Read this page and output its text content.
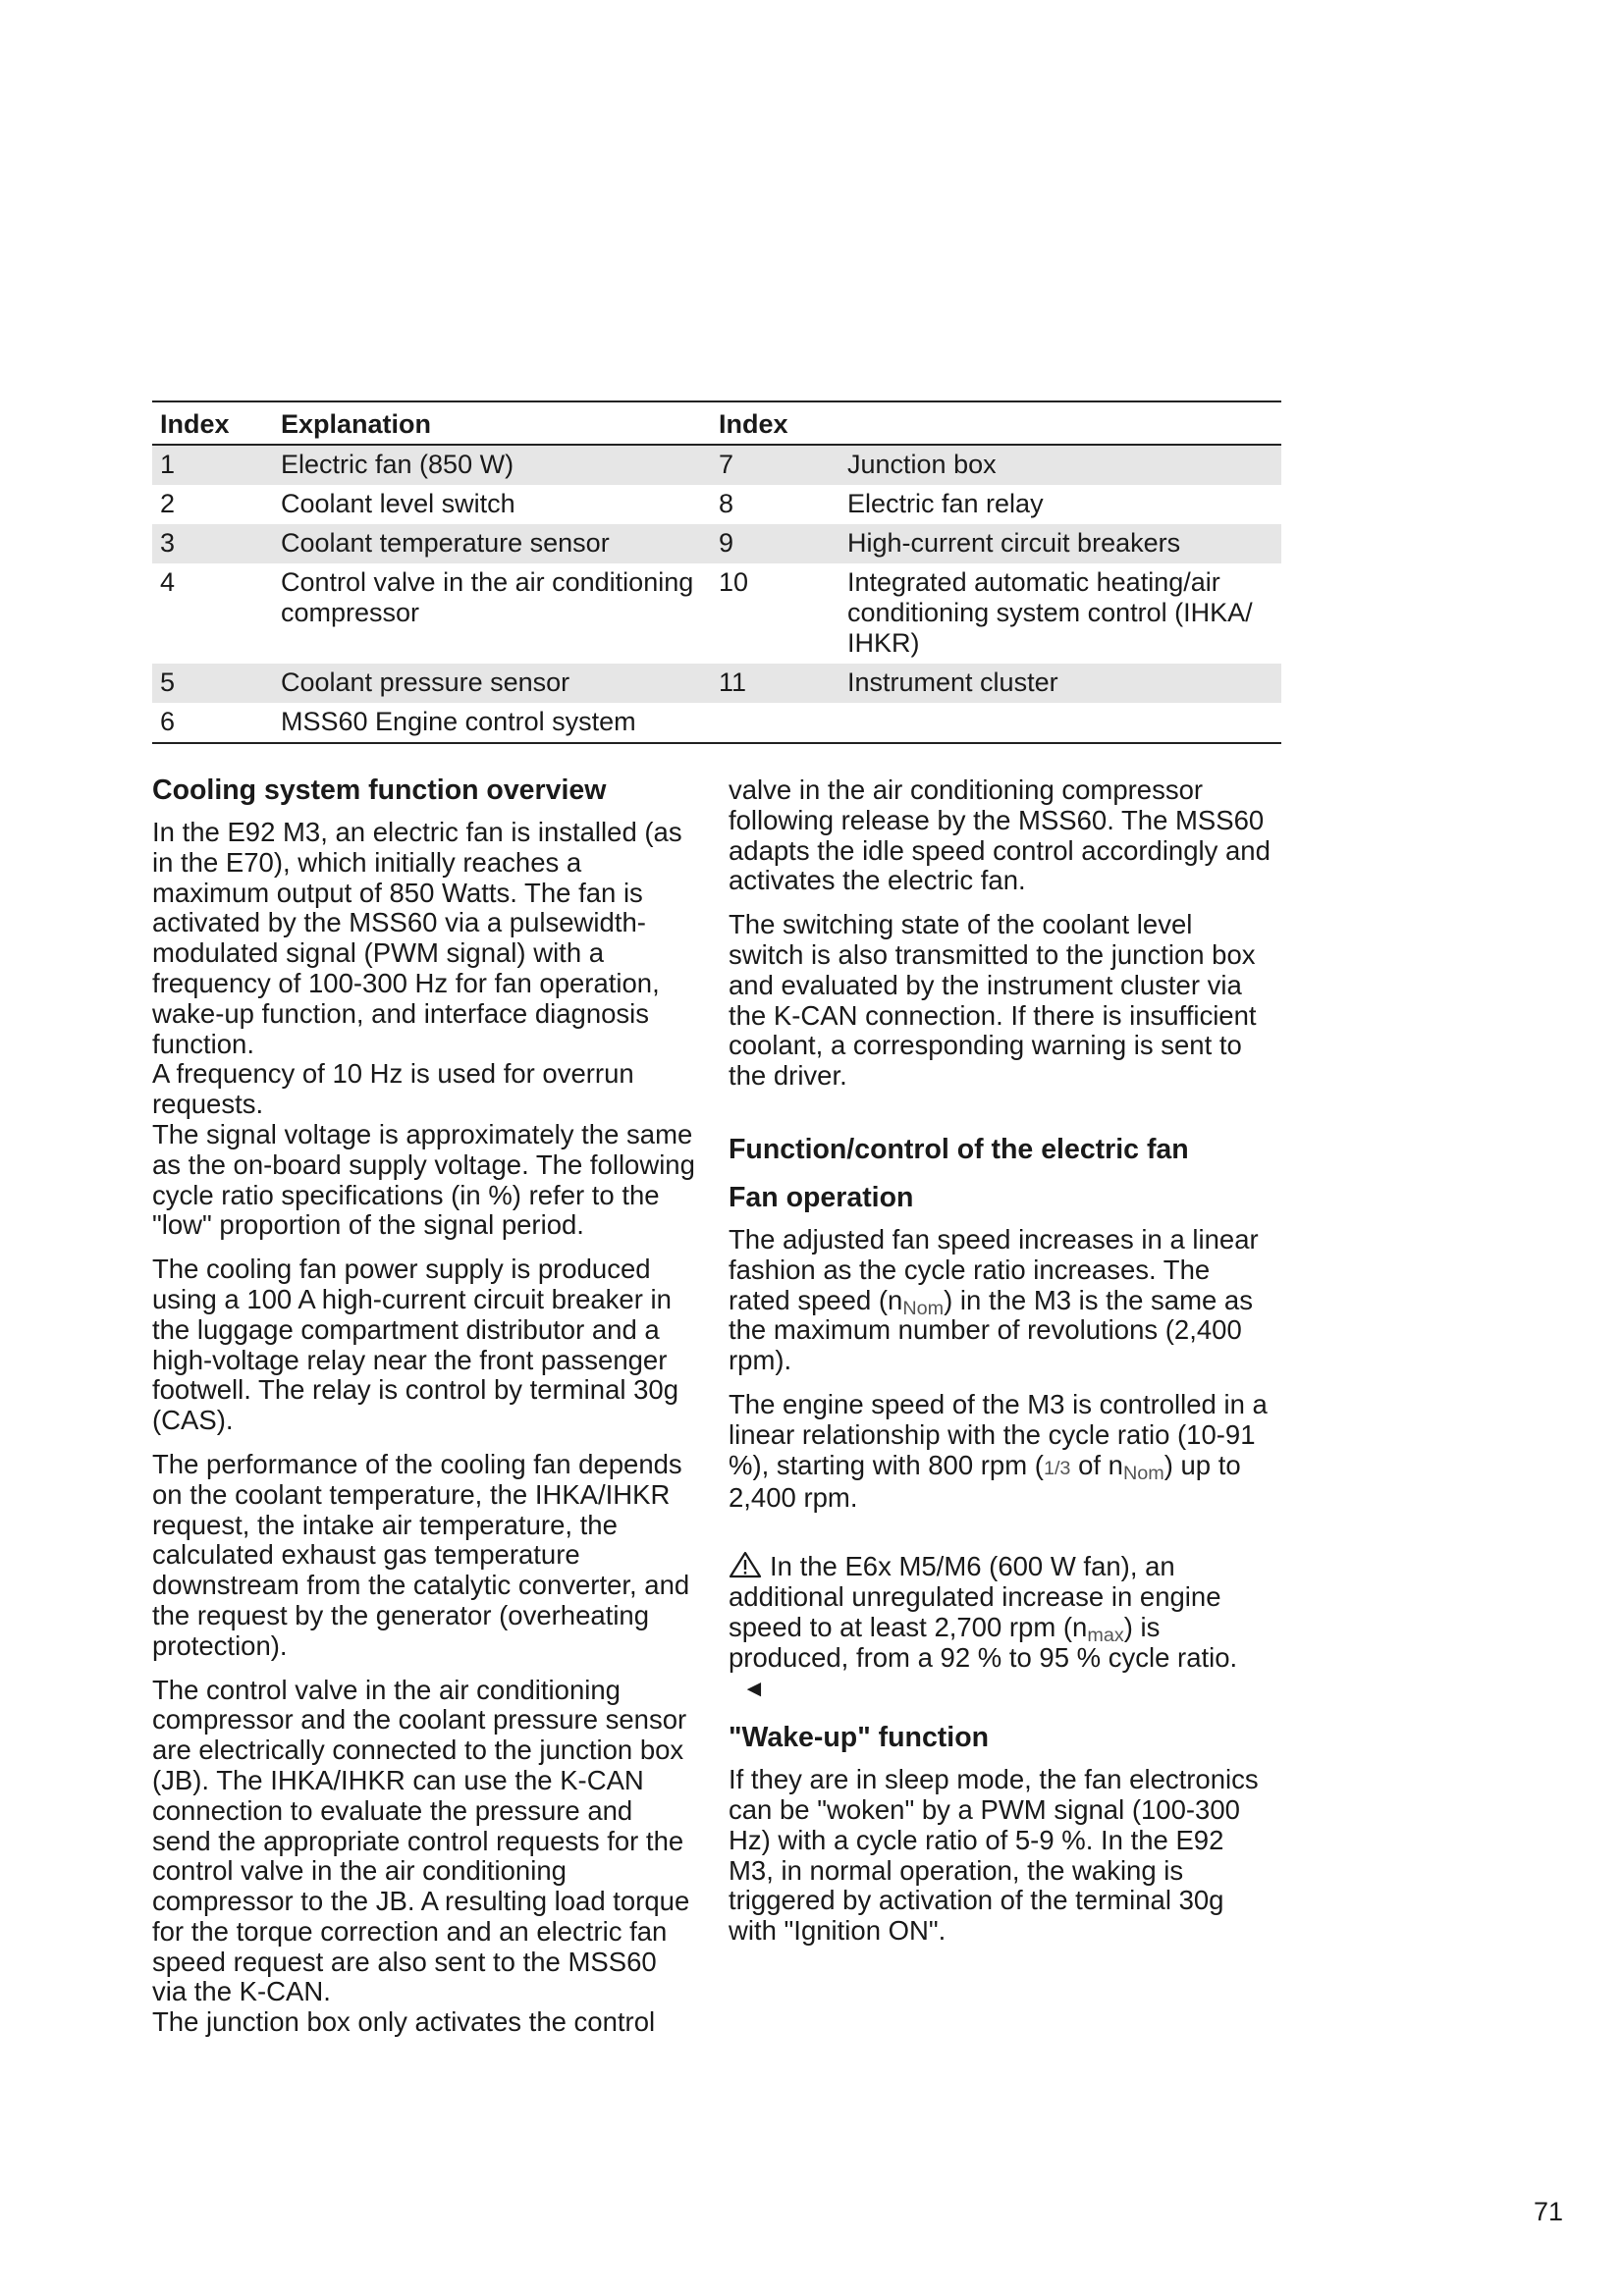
Index	Explanation	Index	
1	Electric fan (850 W)	7	Junction box
2	Coolant level switch	8	Electric fan relay
3	Coolant temperature sensor	9	High-current circuit breakers
4	Control valve in the air conditioning compressor	10	Integrated automatic heating/air conditioning system control (IHKA/ IHKR)
5	Coolant pressure sensor	11	Instrument cluster
6	MSS60 Engine control system		
Cooling system function overview

In the E92 M3, an electric fan is installed (as in the E70), which initially reaches a maximum output of 850 Watts. The fan is activated by the MSS60 via a pulsewidth-modulated signal (PWM signal) with a frequency of 100-300 Hz for fan operation, wake-up function, and interface diagnosis function.

A frequency of 10 Hz is used for overrun requests.

The signal voltage is approximately the same as the on-board supply voltage. The following cycle ratio specifications (in %) refer to the "low" proportion of the signal period.

The cooling fan power supply is produced using a 100 A high-current circuit breaker in the luggage compartment distributor and a high-voltage relay near the front passenger footwell. The relay is control by terminal 30g (CAS).

The performance of the cooling fan depends on the coolant temperature, the IHKA/IHKR request, the intake air temperature, the calculated exhaust gas temperature downstream from the catalytic converter, and the request by the generator (overheating protection).

The control valve in the air conditioning compressor and the coolant pressure sensor are electrically connected to the junction box (JB). The IHKA/IHKR can use the K-CAN connection to evaluate the pressure and send the appropriate control requests for the control valve in the air conditioning compressor to the JB. A resulting load torque for the torque correction and an electric fan speed request are also sent to the MSS60 via the K-CAN.

The junction box only activates the control

valve in the air conditioning compressor following release by the MSS60. The MSS60 adapts the idle speed control accordingly and activates the electric fan.

The switching state of the coolant level switch is also transmitted to the junction box and evaluated by the instrument cluster via the K-CAN connection. If there is insufficient coolant, a corresponding warning is sent to the driver.

Function/control of the electric fan
Fan operation

The adjusted fan speed increases in a linear fashion as the cycle ratio increases. The rated speed $(n_{Nom})$ in the M3 is the same as the maximum number of revolutions (2,400 rpm).

The engine speed of the M3 is controlled in a linear relationship with the cycle ratio (10-91 %), starting with 800 rpm (1/3 of $n_{Nom}$) up to 2,400 rpm.

In the E6x M5/M6 (600 W fan), an additional unregulated increase in engine speed to at least 2,700 rpm $(n_{max})$ is produced, from a 92 % to 95 % cycle ratio.◄

"Wake-up" function

If they are in sleep mode, the fan electronics can be "woken" by a PWM signal (100-300 Hz) with a cycle ratio of 5-9 %. In the E92 M3, in normal operation, the waking is triggered by activation of the terminal 30g with "Ignition ON".

71
